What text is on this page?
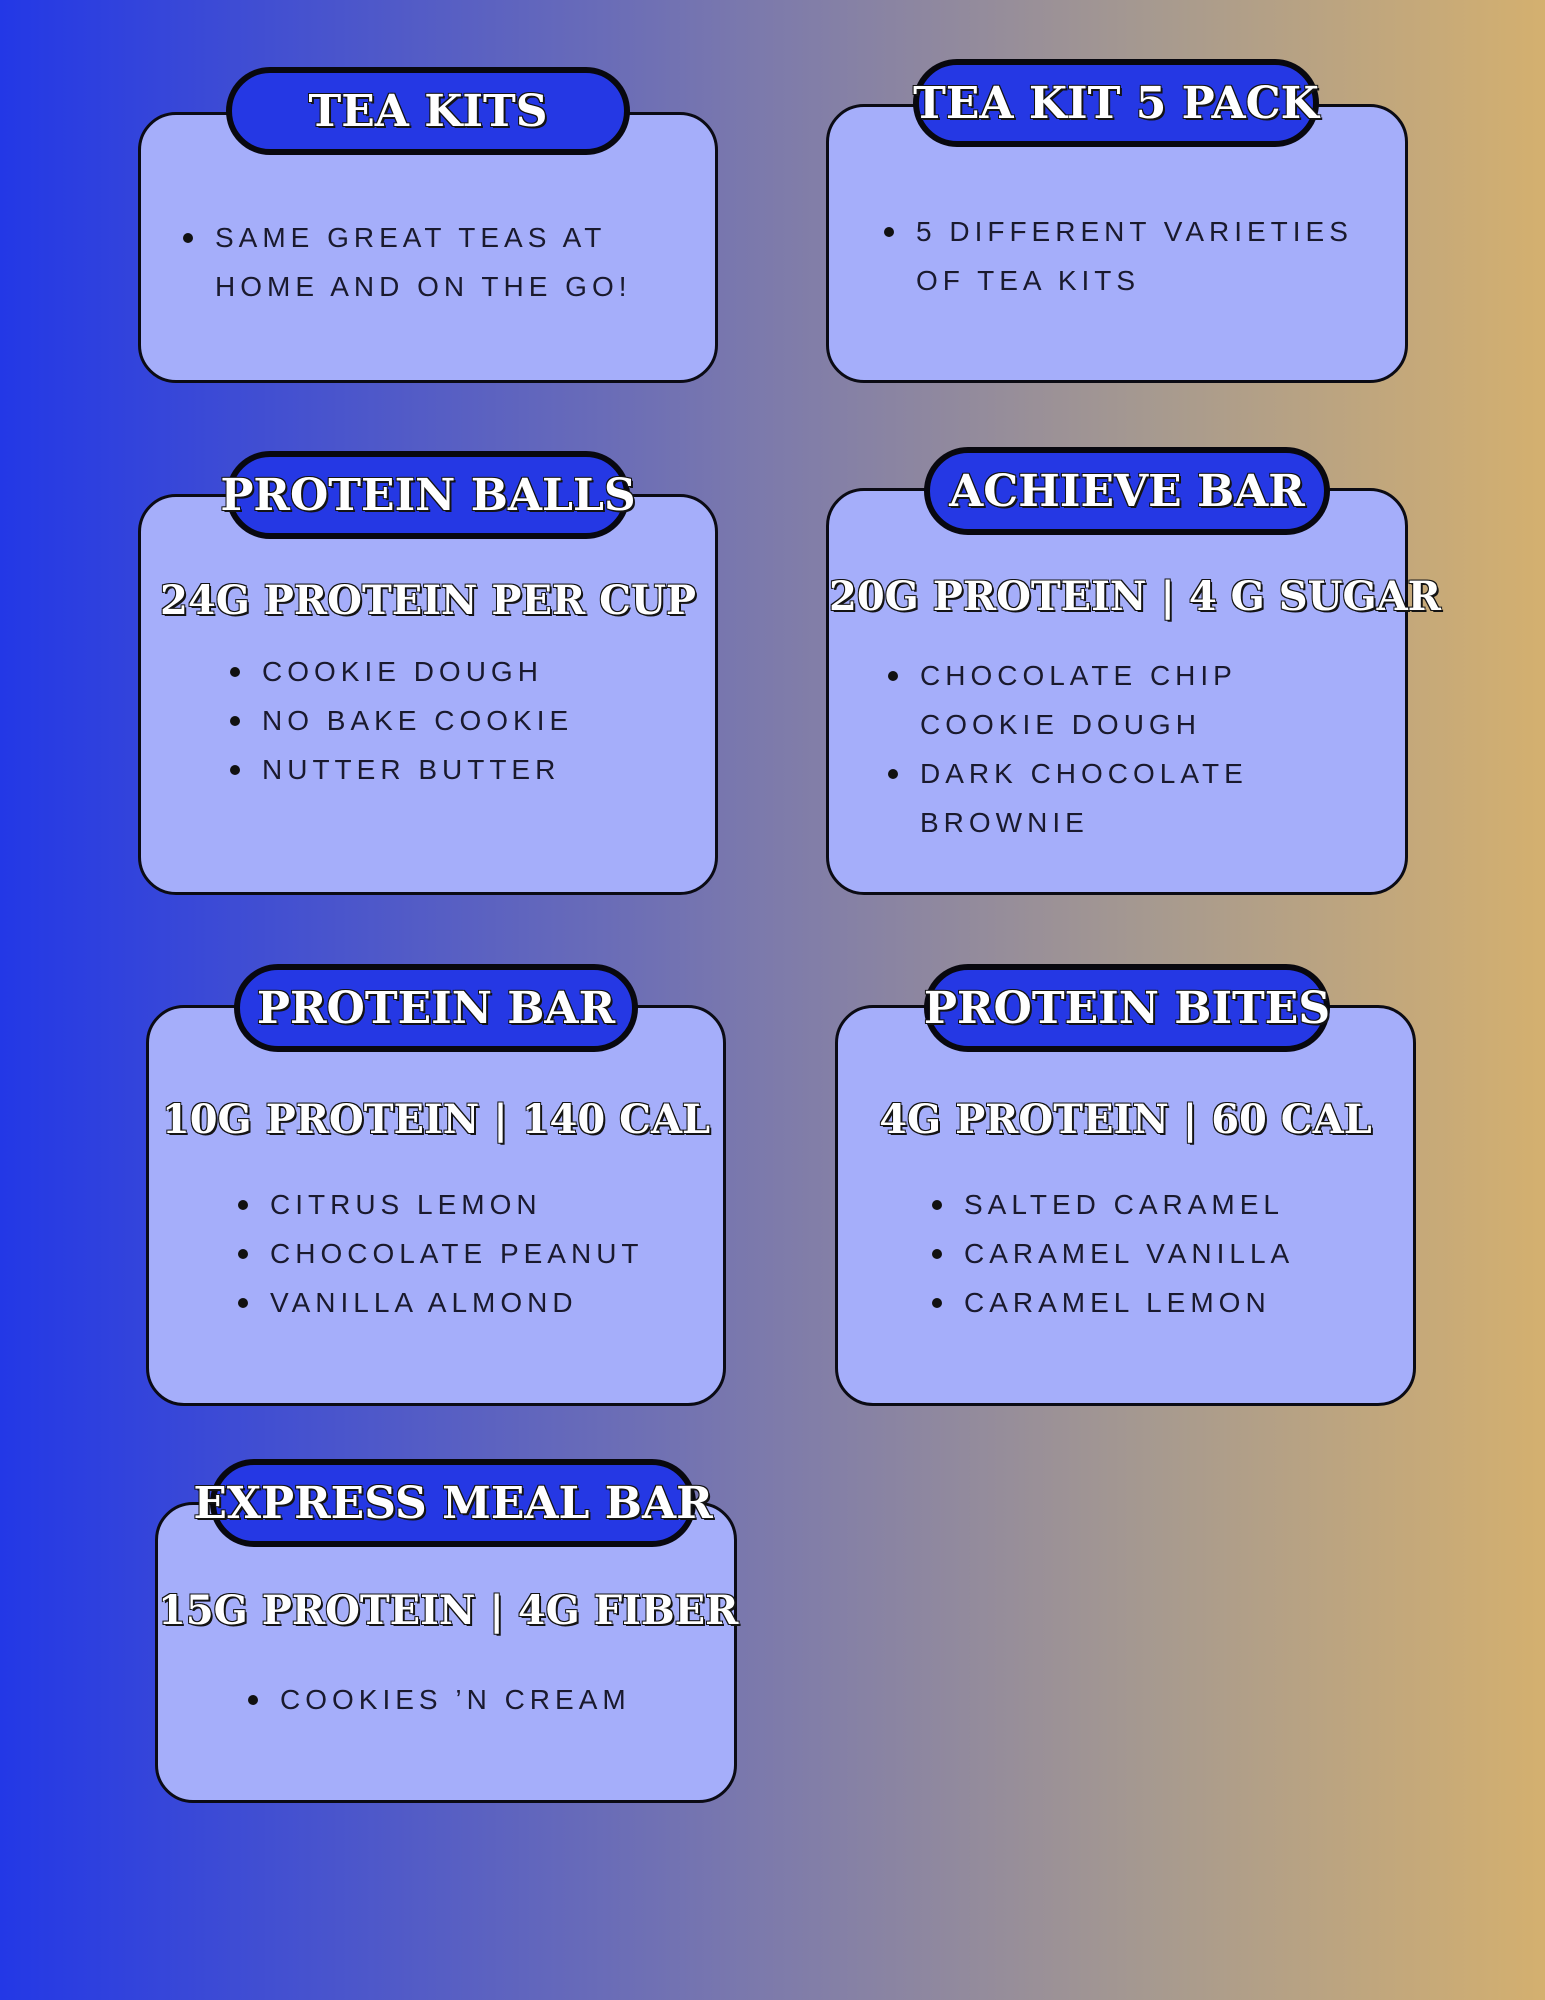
SAME GREAT TEAS AT
HOME AND ON THE GO!
TEA KITS
5 DIFFERENT VARIETIES
OF TEA KITS
TEA KIT 5 PACK
24G PROTEIN PER CUP
COOKIE DOUGH
NO BAKE COOKIE
NUTTER BUTTER
PROTEIN BALLS
20G PROTEIN | 4 G SUGAR
CHOCOLATE CHIP
COOKIE DOUGH
DARK CHOCOLATE
BROWNIE
ACHIEVE BAR
10G PROTEIN | 140 CAL
CITRUS LEMON
CHOCOLATE PEANUT
VANILLA ALMOND
PROTEIN BAR
4G PROTEIN | 60 CAL
SALTED CARAMEL
CARAMEL VANILLA
CARAMEL LEMON
PROTEIN BITES
15G PROTEIN | 4G FIBER
COOKIES ’N CREAM
EXPRESS MEAL BAR
